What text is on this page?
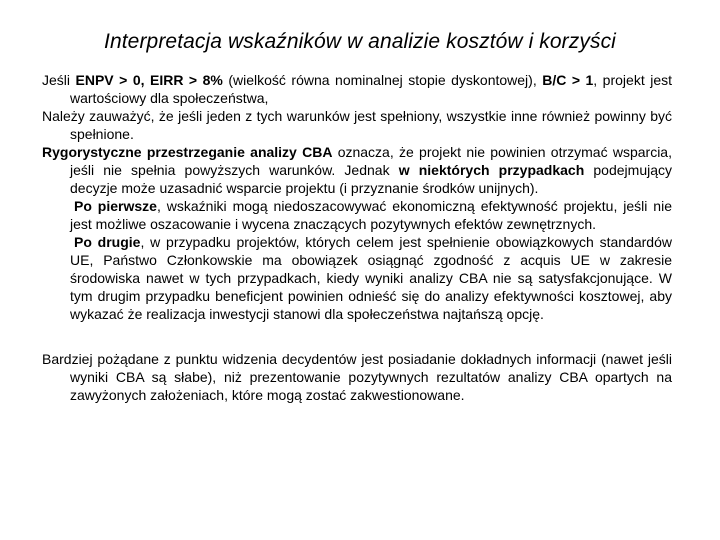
Interpretacja wskaźników w analizie kosztów i korzyści

Jeśli ENPV > 0, EIRR > 8% (wielkość równa nominalnej stopie dyskontowej), B/C > 1, projekt jest wartościowy dla społeczeństwa,

Należy zauważyć, że jeśli jeden z tych warunków jest spełniony, wszystkie inne również powinny być spełnione.

Rygorystyczne przestrzeganie analizy CBA oznacza, że projekt nie powinien otrzymać wsparcia, jeśli nie spełnia powyższych warunków. Jednak w niektórych przypadkach podejmujący decyzje może uzasadnić wsparcie projektu (i przyznanie środków unijnych).

Po pierwsze, wskaźniki mogą niedoszacowywać ekonomiczną efektywność projektu, jeśli nie jest możliwe oszacowanie i wycena znaczących pozytywnych efektów zewnętrznych.

Po drugie, w przypadku projektów, których celem jest spełnienie obowiązkowych standardów UE, Państwo Członkowskie ma obowiązek osiągnąć zgodność z acquis UE w zakresie środowiska nawet w tych przypadkach, kiedy wyniki analizy CBA nie są satysfakcjonujące. W tym drugim przypadku beneficjent powinien odnieść się do analizy efektywności kosztowej, aby wykazać że realizacja inwestycji stanowi dla społeczeństwa najtańszą opcję.

Bardziej pożądane z punktu widzenia decydentów jest posiadanie dokładnych informacji (nawet jeśli wyniki CBA są słabe), niż prezentowanie pozytywnych rezultatów analizy CBA opartych na zawyżonych założeniach, które mogą zostać zakwestionowane.
